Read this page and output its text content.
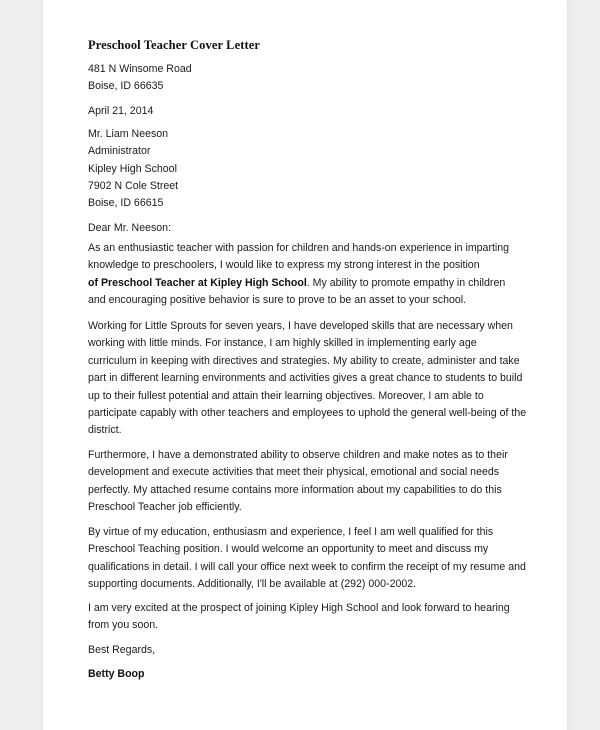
Preschool Teacher Cover Letter
481 N Winsome Road
Boise, ID 66635
April 21, 2014
Mr. Liam Neeson
Administrator
Kipley High School
7902 N Cole Street
Boise, ID 66615
Dear Mr. Neeson:

As an enthusiastic teacher with passion for children and hands-on experience in imparting

knowledge to preschoolers, I would like to express my strong interest in the position

of Preschool Teacher at Kipley High School. My ability to promote empathy in children

and encouraging positive behavior is sure to prove to be an asset to your school.

Working for Little Sprouts for seven years, I have developed skills that are necessary when

working with little minds. For instance, I am highly skilled in implementing early age

curriculum in keeping with directives and strategies. My ability to create, administer and take

part in different learning environments and activities gives a great chance to students to build

up to their fullest potential and attain their learning objectives. Moreover, I am able to

participate capably with other teachers and employees to uphold the general well-being of the

district.

Furthermore, I have a demonstrated ability to observe children and make notes as to their

development and execute activities that meet their physical, emotional and social needs

perfectly. My attached resume contains more information about my capabilities to do this

Preschool Teacher job efficiently.

By virtue of my education, enthusiasm and experience, I feel I am well qualified for this

Preschool Teaching position. I would welcome an opportunity to meet and discuss my

qualifications in detail. I will call your office next week to confirm the receipt of my resume and

supporting documents. Additionally, I'll be available at (292) 000-2002.

I am very excited at the prospect of joining Kipley High School and look forward to hearing

from you soon.

Best Regards,
Betty Boop
